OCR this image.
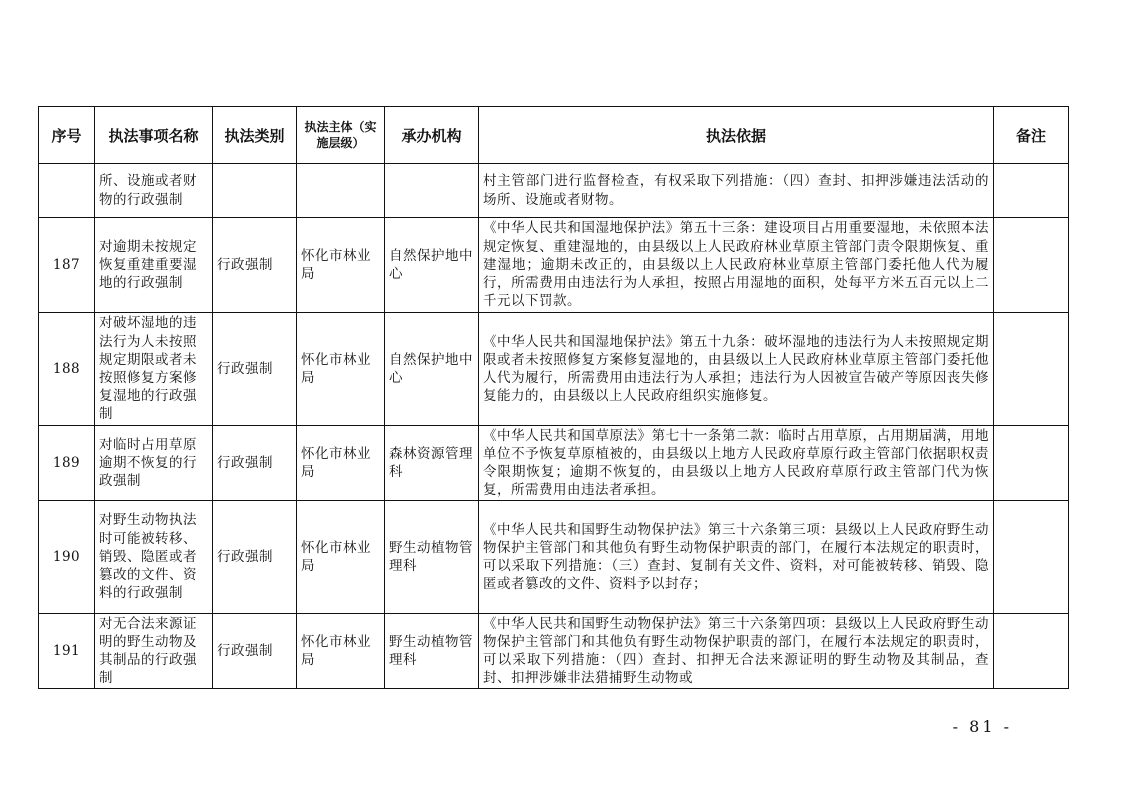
序号	执法事项名称	执法类别	执法主体（实施层级）	承办机构	执法依据	备注
	所、设施或者财物的行政强制				村主管部门进行监督检查，有权采取下列措施：（四）查封、扣押涉嫌违法活动的场所、设施或者财物。	
187	对逾期未按规定恢复重建重要湿地的行政强制	行政强制	怀化市林业局	自然保护地中心	《中华人民共和国湿地保护法》第五十三条：建设项目占用重要湿地，未依照本法规定恢复、重建湿地的，由县级以上人民政府林业草原主管部门责令限期恢复、重建湿地；逾期未改正的，由县级以上人民政府林业草原主管部门委托他人代为履行，所需费用由违法行为人承担，按照占用湿地的面积，处每平方米五百元以上二千元以下罚款。	
188	对破坏湿地的违法行为人未按照规定期限或者未按照修复方案修复湿地的行政强制	行政强制	怀化市林业局	自然保护地中心	《中华人民共和国湿地保护法》第五十九条：破坏湿地的违法行为人未按照规定期限或者未按照修复方案修复湿地的，由县级以上人民政府林业草原主管部门委托他人代为履行，所需费用由违法行为人承担；违法行为人因被宣告破产等原因丧失修复能力的，由县级以上人民政府组织实施修复。	
189	对临时占用草原逾期不恢复的行政强制	行政强制	怀化市林业局	森林资源管理科	《中华人民共和国草原法》第七十一条第二款：临时占用草原，占用期届满，用地单位不予恢复草原植被的，由县级以上地方人民政府草原行政主管部门依据职权责令限期恢复；逾期不恢复的，由县级以上地方人民政府草原行政主管部门代为恢复，所需费用由违法者承担。	
190	对野生动物执法时可能被转移、销毁、隐匿或者篡改的文件、资料的行政强制	行政强制	怀化市林业局	野生动植物管理科	《中华人民共和国野生动物保护法》第三十六条第三项：县级以上人民政府野生动物保护主管部门和其他负有野生动物保护职责的部门，在履行本法规定的职责时，可以采取下列措施：（三）查封、复制有关文件、资料，对可能被转移、销毁、隐匿或者篡改的文件、资料予以封存；	
191	对无合法来源证明的野生动物及其制品的行政强制	行政强制	怀化市林业局	野生动植物管理科	《中华人民共和国野生动物保护法》第三十六条第四项：县级以上人民政府野生动物保护主管部门和其他负有野生动物保护职责的部门，在履行本法规定的职责时，可以采取下列措施：（四）查封、扣押无合法来源证明的野生动物及其制品，查封、扣押涉嫌非法猎捕野生动物或	
- 81 -
